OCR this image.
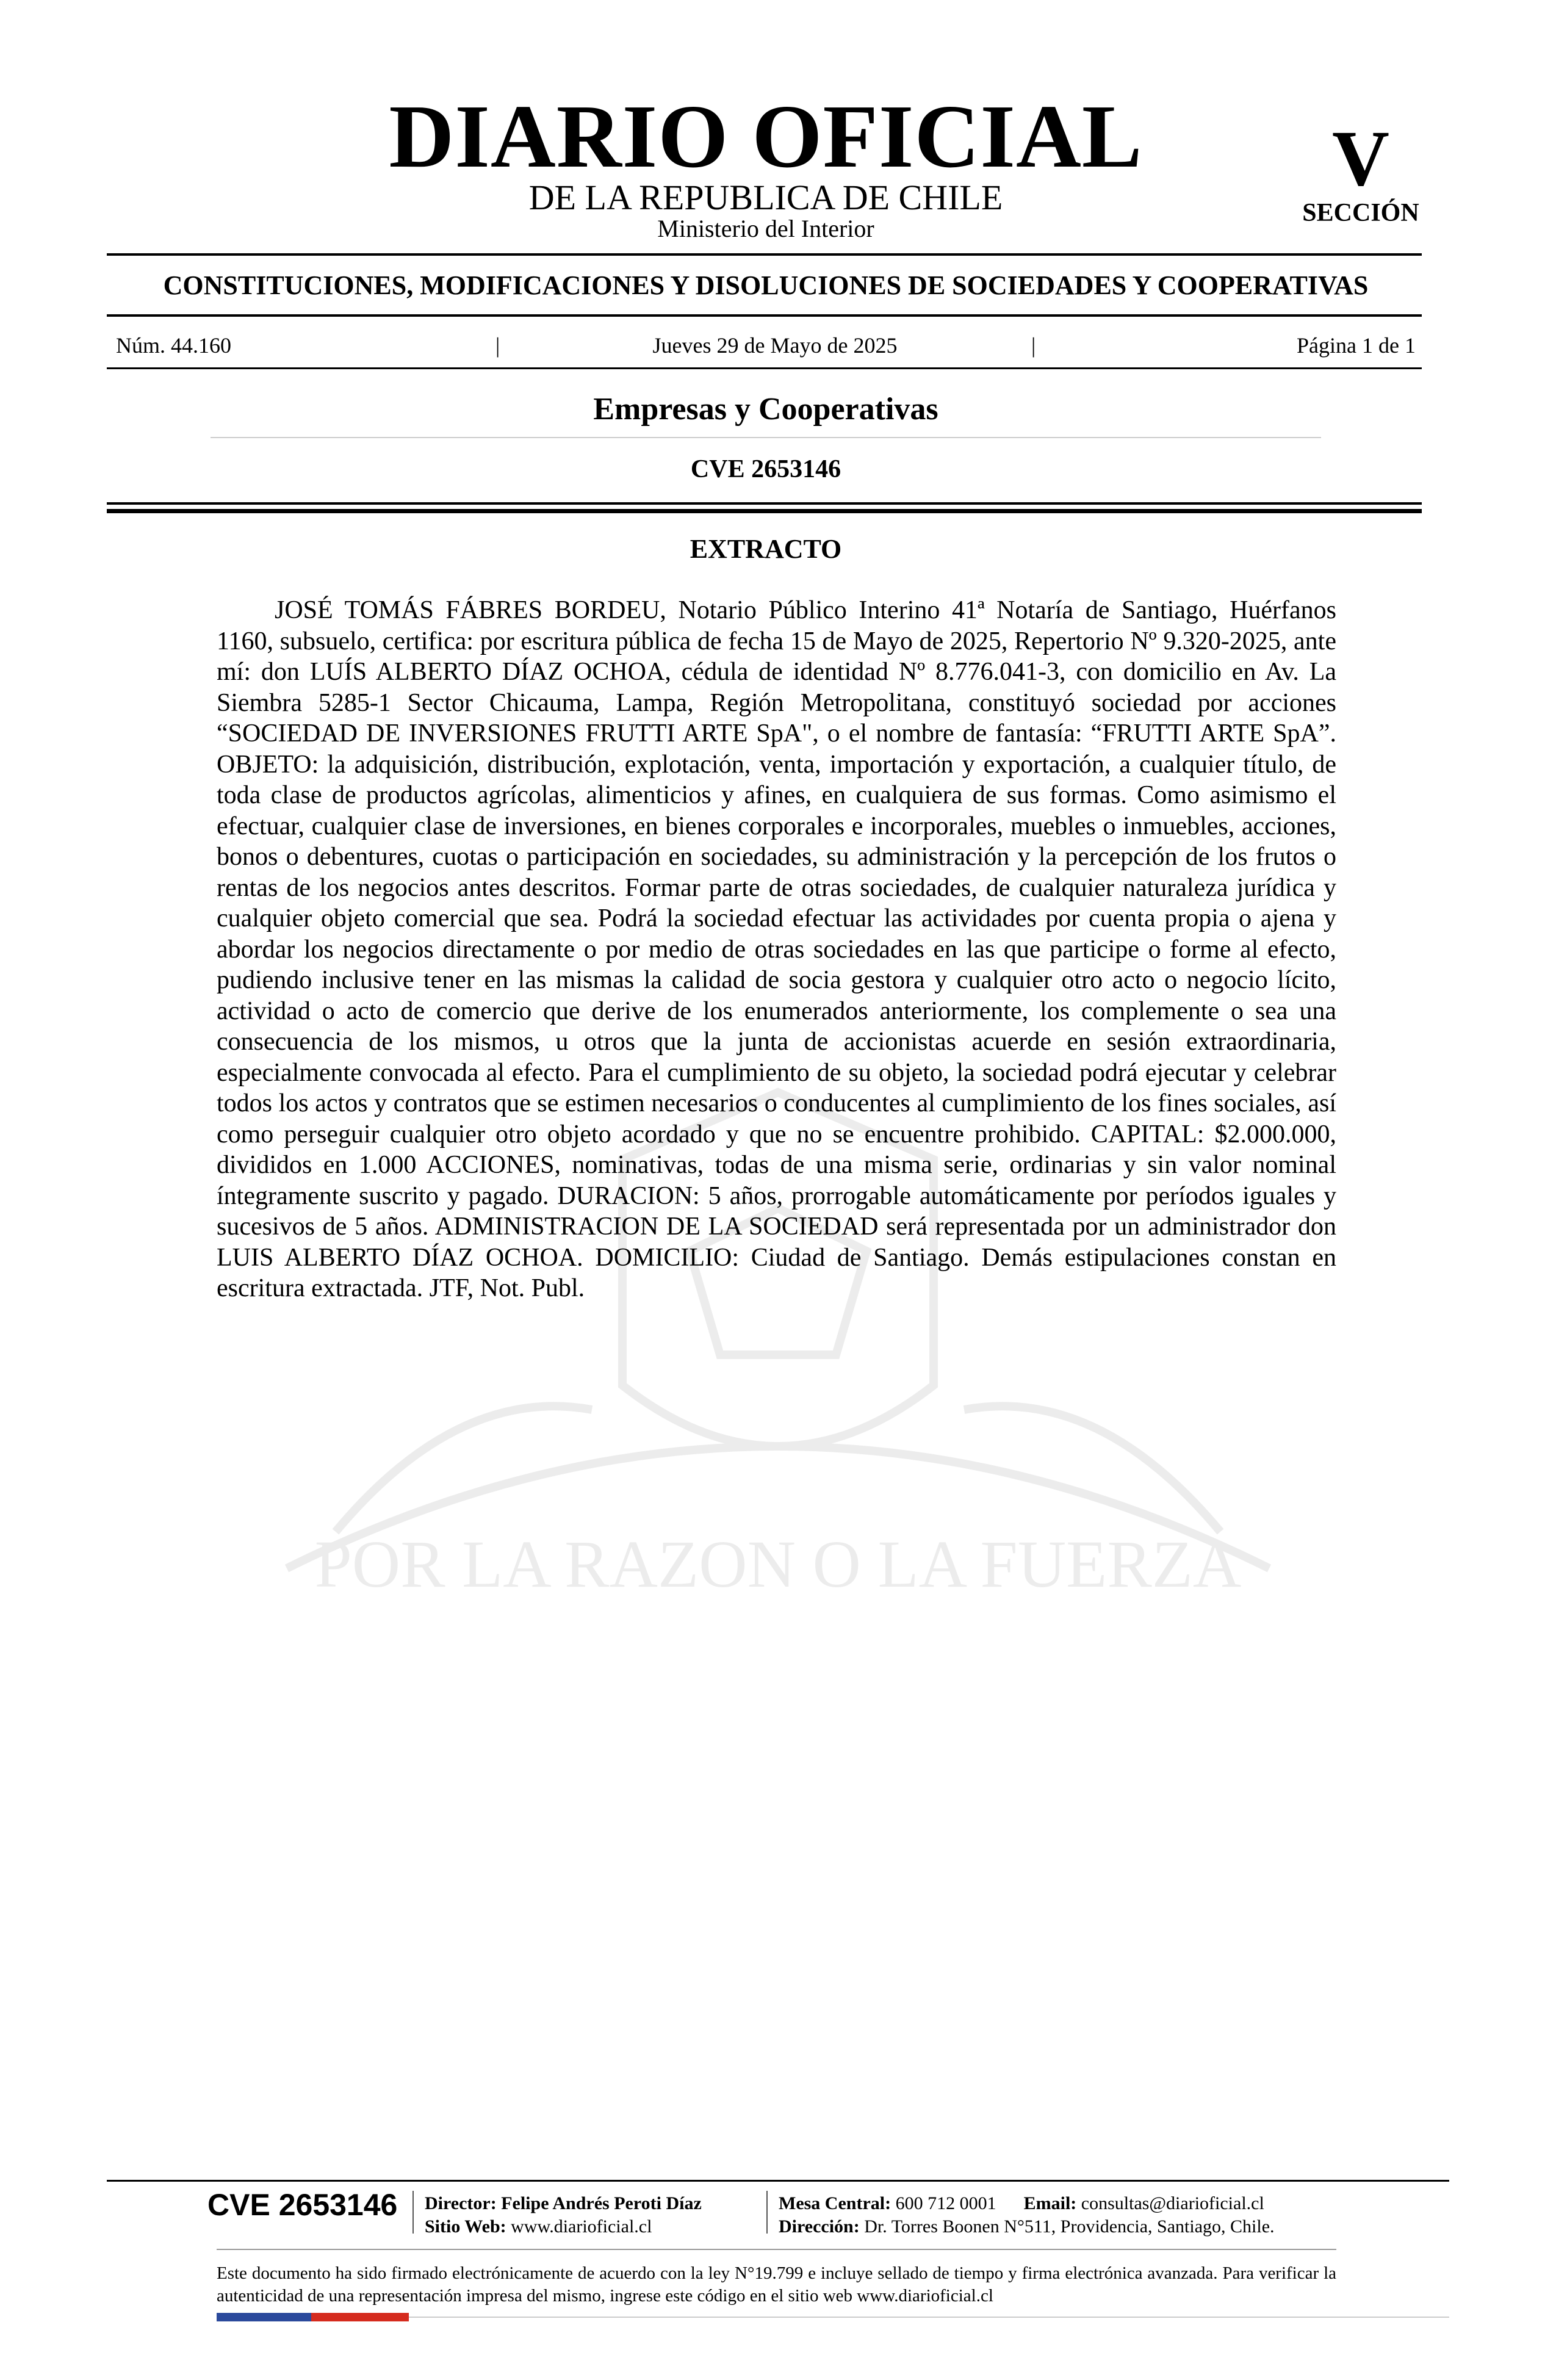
POR LA RAZON O LA FUERZA
DIARIO OFICIAL
DE LA REPUBLICA DE CHILE
Ministerio del Interior
V
SECCIÓN
CONSTITUCIONES, MODIFICACIONES Y DISOLUCIONES DE SOCIEDADES Y COOPERATIVAS
Núm. 44.160	|	Jueves 29 de Mayo de 2025	|	Página 1 de 1
Empresas y Cooperativas
CVE 2653146
EXTRACTO
JOSÉ TOMÁS FÁBRES BORDEU, Notario Público Interino 41ª Notaría de Santiago, Huérfanos 1160, subsuelo, certifica: por escritura pública de fecha 15 de Mayo de 2025, Repertorio Nº 9.320-2025, ante mí: don LUÍS ALBERTO DÍAZ OCHOA, cédula de identidad Nº 8.776.041-3, con domicilio en Av. La Siembra 5285-1 Sector Chicauma, Lampa, Región Metropolitana, constituyó sociedad por acciones “SOCIEDAD DE INVERSIONES FRUTTI ARTE SpA", o el nombre de fantasía: “FRUTTI ARTE SpA”. OBJETO: la adquisición, distribución, explotación, venta, importación y exportación, a cualquier título, de toda clase de productos agrícolas, alimenticios y afines, en cualquiera de sus formas. Como asimismo el efectuar, cualquier clase de inversiones, en bienes corporales e incorporales, muebles o inmuebles, acciones, bonos o debentures, cuotas o participación en sociedades, su administración y la percepción de los frutos o rentas de los negocios antes descritos. Formar parte de otras sociedades, de cualquier naturaleza jurídica y cualquier objeto comercial que sea. Podrá la sociedad efectuar las actividades por cuenta propia o ajena y abordar los negocios directamente o por medio de otras sociedades en las que participe o forme al efecto, pudiendo inclusive tener en las mismas la calidad de socia gestora y cualquier otro acto o negocio lícito, actividad o acto de comercio que derive de los enumerados anteriormente, los complemente o sea una consecuencia de los mismos, u otros que la junta de accionistas acuerde en sesión extraordinaria, especialmente convocada al efecto. Para el cumplimiento de su objeto, la sociedad podrá ejecutar y celebrar todos los actos y contratos que se estimen necesarios o conducentes al cumplimiento de los fines sociales, así como perseguir cualquier otro objeto acordado y que no se encuentre prohibido. CAPITAL: $2.000.000, divididos en 1.000 ACCIONES, nominativas, todas de una misma serie, ordinarias y sin valor nominal íntegramente suscrito y pagado. DURACION: 5 años, prorrogable automáticamente por períodos iguales y sucesivos de 5 años. ADMINISTRACION DE LA SOCIEDAD será representada por un administrador don LUIS ALBERTO DÍAZ OCHOA. DOMICILIO: Ciudad de Santiago. Demás estipulaciones constan en escritura extractada. JTF, Not. Publ.
CVE 2653146 Director: Felipe Andrés Peroti Díaz
Sitio Web: www.diarioficial.cl
Mesa Central: 600 712 0001 Email: consultas@diarioficial.cl
Dirección: Dr. Torres Boonen N°511, Providencia, Santiago, Chile.
Este documento ha sido firmado electrónicamente de acuerdo con la ley N°19.799 e incluye sellado de tiempo y firma electrónica avanzada. Para verificar la autenticidad de una representación impresa del mismo, ingrese este código en el sitio web www.diarioficial.cl
